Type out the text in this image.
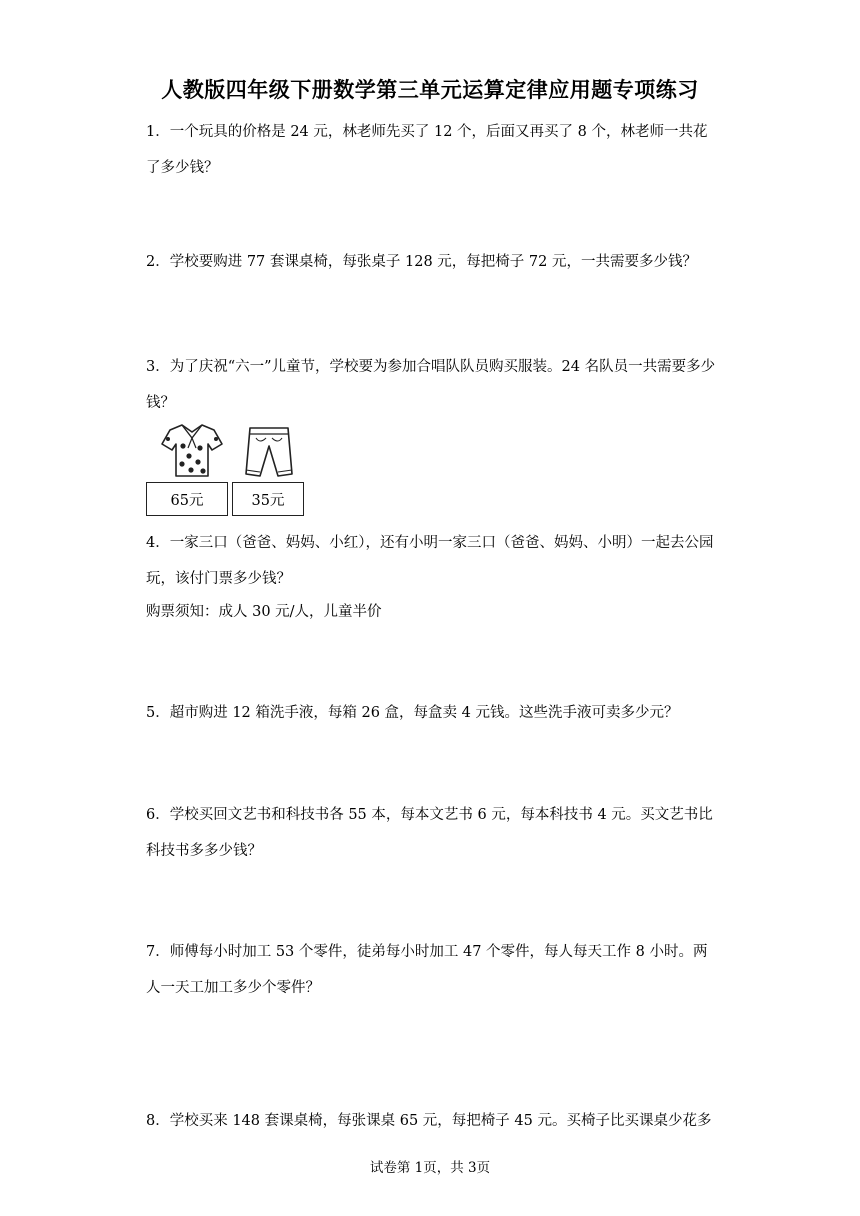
人教版四年级下册数学第三单元运算定律应用题专项练习
1．一个玩具的价格是 24 元，林老师先买了 12 个，后面又再买了 8 个，林老师一共花了多少钱？
2．学校要购进 77 套课桌椅，每张桌子 128 元，每把椅子 72 元，一共需要多少钱？
3．为了庆祝“六一”儿童节，学校要为参加合唱队队员购买服装。24 名队员一共需要多少钱？
65元	35元
4．一家三口（爸爸、妈妈、小红），还有小明一家三口（爸爸、妈妈、小明）一起去公园玩，该付门票多少钱？
购票须知：成人 30 元/人，儿童半价
5．超市购进 12 箱洗手液，每箱 26 盒，每盒卖 4 元钱。这些洗手液可卖多少元？
6．学校买回文艺书和科技书各 55 本，每本文艺书 6 元，每本科技书 4 元。买文艺书比科技书多多少钱？
7．师傅每小时加工 53 个零件，徒弟每小时加工 47 个零件，每人每天工作 8 小时。两人一天工加工多少个零件？
8．学校买来 148 套课桌椅，每张课桌 65 元，每把椅子 45 元。买椅子比买课桌少花多
试卷第 1页，共 3页
